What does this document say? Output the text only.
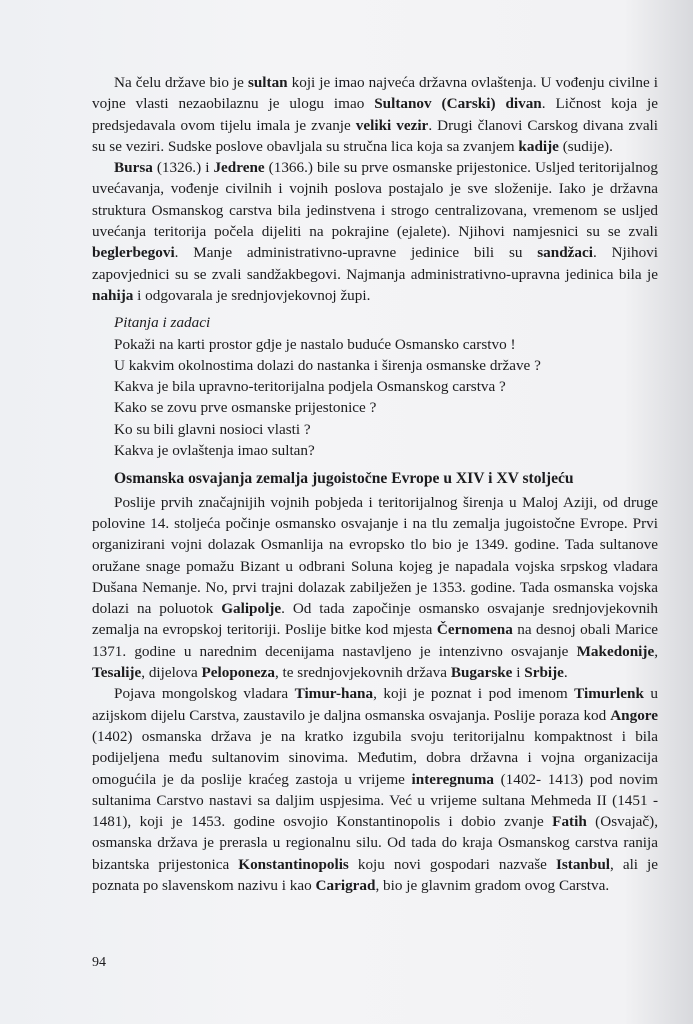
Na čelu države bio je sultan koji je imao najveća državna ovlaštenja. U vođenju civilne i vojne vlasti nezaobilaznu je ulogu imao Sultanov (Carski) divan. Ličnost koja je predsjedavala ovom tijelu imala je zvanje veliki vezir. Drugi članovi Carskog divana zvali su se veziri. Sudske poslove obavljala su stručna lica koja sa zvanjem kadije (sudije).

Bursa (1326.) i Jedrene (1366.) bile su prve osmanske prijestonice. Usljed teritorijalnog uvećavanja, vođenje civilnih i vojnih poslova postajalo je sve složenije. Iako je državna struktura Osmanskog carstva bila jedinstvena i strogo centralizovana, vremenom se usljed uvećanja teritorija počela dijeliti na pokrajine (ejalete). Njihovi namjesnici su se zvali beglerbegovi. Manje administrativno-upravne jedinice bili su sandžaci. Njihovi zapovjednici su se zvali sandžakbegovi. Najmanja administrativno-upravna jedinica bila je nahija i odgovarala je srednjovjekovnoj župi.

Pitanja i zadaci
Pokaži na karti prostor gdje je nastalo buduće Osmansko carstvo !
U kakvim okolnostima dolazi do nastanka i širenja osmanske države ?
Kakva je bila upravno-teritorijalna podjela Osmanskog carstva ?
Kako se zovu prve osmanske prijestonice ?
Ko su bili glavni nosioci vlasti ?
Kakva je ovlaštenja imao sultan?
Osmanska osvajanja zemalja jugoistočne Evrope u XIV i XV stoljeću

Poslije prvih značajnijih vojnih pobjeda i teritorijalnog širenja u Maloj Aziji, od druge polovine 14. stoljeća počinje osmansko osvajanje i na tlu zemalja jugoistočne Evrope. Prvi organizirani vojni dolazak Osmanlija na evropsko tlo bio je 1349. godine. Tada sultanove oružane snage pomažu Bizant u odbrani Soluna kojeg je napadala vojska srpskog vladara Dušana Nemanje. No, prvi trajni dolazak zabilježen je 1353. godine. Tada osmanska vojska dolazi na poluotok Galipolje. Od tada započinje osmansko osvajanje srednjovjekovnih zemalja na evropskoj teritoriji. Poslije bitke kod mjesta Černomena na desnoj obali Marice 1371. godine u narednim decenijama nastavljeno je intenzivno osvajanje Makedonije, Tesalije, dijelova Peloponeza, te srednjovjekovnih država Bugarske i Srbije.

Pojava mongolskog vladara Timur-hana, koji je poznat i pod imenom Timurlenk u azijskom dijelu Carstva, zaustavilo je daljna osmanska osvajanja. Poslije poraza kod Angore (1402) osmanska država je na kratko izgubila svoju teritorijalnu kompaktnost i bila podijeljena među sultanovim sinovima. Međutim, dobra državna i vojna organizacija omogućila je da poslije kraćeg zastoja u vrijeme interegnuma (1402- 1413) pod novim sultanima Carstvo nastavi sa daljim uspjesima. Već u vrijeme sultana Mehmeda II (1451 - 1481), koji je 1453. godine osvojio Konstantinopolis i dobio zvanje Fatih (Osvajač), osmanska država je prerasla u regionalnu silu. Od tada do kraja Osmanskog carstva ranija bizantska prijestonica Konstantinopolis koju novi gospodari nazvaše Istanbul, ali je poznata po slavenskom nazivu i kao Carigrad, bio je glavnim gradom ovog Carstva.

94
